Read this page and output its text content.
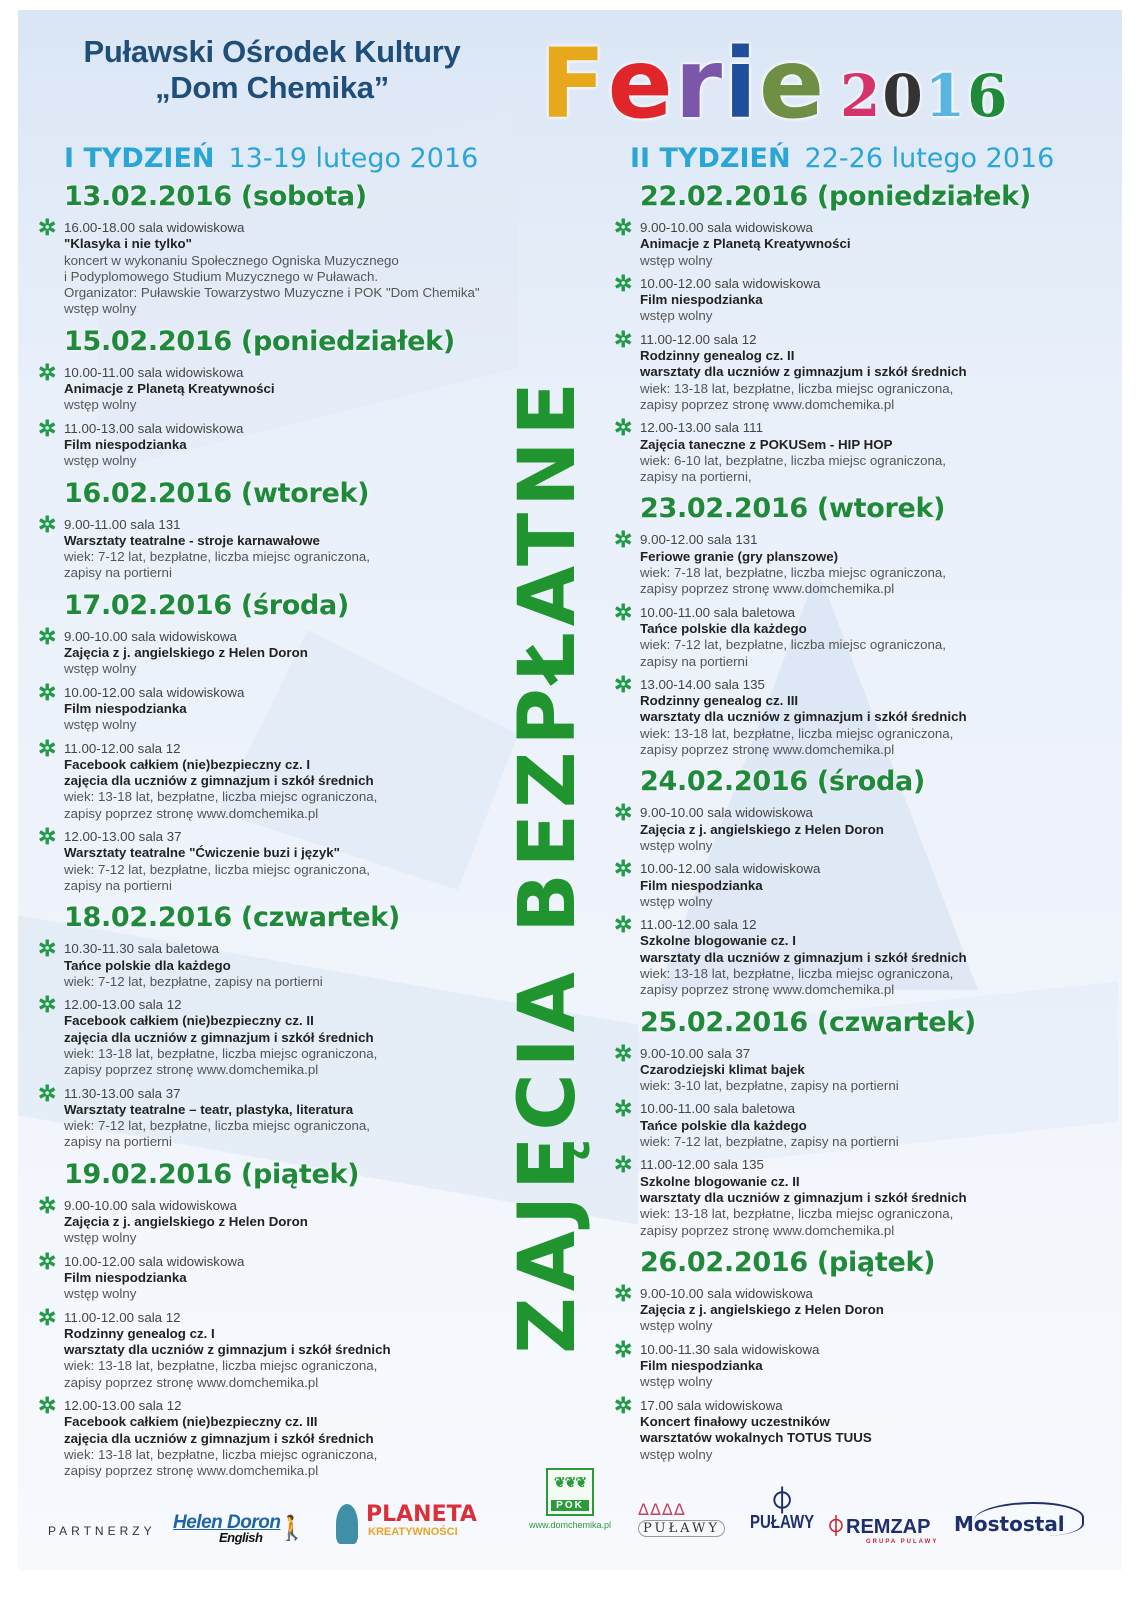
Puławski Ośrodek Kultury
„Dom Chemika”	F e r i e 2016
I TYDZIEŃ 13-19 lutego 2016	II TYDZIEŃ 22-26 lutego 2016
13.02.2016 (sobota)
✲ 16.00-18.00 sala widowiskowa
"Klasyka i nie tylko"
koncert w wykonaniu Społecznego Ogniska Muzycznego
i Podyplomowego Studium Muzycznego w Puławach.
Organizator: Puławskie Towarzystwo Muzyczne i POK "Dom Chemika"
wstęp wolny
15.02.2016 (poniedziałek)
✲ 10.00-11.00 sala widowiskowa
Animacje z Planetą Kreatywności
wstęp wolny
✲ 11.00-13.00 sala widowiskowa
Film niespodzianka
wstęp wolny
16.02.2016 (wtorek)
✲ 9.00-11.00 sala 131
Warsztaty teatralne - stroje karnawałowe
wiek: 7-12 lat, bezpłatne, liczba miejsc ograniczona,
zapisy na portierni
17.02.2016 (środa)
✲ 9.00-10.00 sala widowiskowa
Zajęcia z j. angielskiego z Helen Doron
wstęp wolny
✲ 10.00-12.00 sala widowiskowa
Film niespodzianka
wstęp wolny
✲ 11.00-12.00 sala 12
Facebook całkiem (nie)bezpieczny cz. I
zajęcia dla uczniów z gimnazjum i szkół średnich
wiek: 13-18 lat, bezpłatne, liczba miejsc ograniczona,
zapisy poprzez stronę www.domchemika.pl
✲ 12.00-13.00 sala 37
Warsztaty teatralne "Ćwiczenie buzi i język"
wiek: 7-12 lat, bezpłatne, liczba miejsc ograniczona,
zapisy na portierni
18.02.2016 (czwartek)
✲ 10.30-11.30 sala baletowa
Tańce polskie dla każdego
wiek: 7-12 lat, bezpłatne, zapisy na portierni
✲ 12.00-13.00 sala 12
Facebook całkiem (nie)bezpieczny cz. II
zajęcia dla uczniów z gimnazjum i szkół średnich
wiek: 13-18 lat, bezpłatne, liczba miejsc ograniczona,
zapisy poprzez stronę www.domchemika.pl
✲ 11.30-13.00 sala 37
Warsztaty teatralne – teatr, plastyka, literatura
wiek: 7-12 lat, bezpłatne, liczba miejsc ograniczona,
zapisy na portierni
19.02.2016 (piątek)
✲ 9.00-10.00 sala widowiskowa
Zajęcia z j. angielskiego z Helen Doron
wstęp wolny
✲ 10.00-12.00 sala widowiskowa
Film niespodzianka
wstęp wolny
✲ 11.00-12.00 sala 12
Rodzinny genealog cz. I
warsztaty dla uczniów z gimnazjum i szkół średnich
wiek: 13-18 lat, bezpłatne, liczba miejsc ograniczona,
zapisy poprzez stronę www.domchemika.pl
✲ 12.00-13.00 sala 12
Facebook całkiem (nie)bezpieczny cz. III
zajęcia dla uczniów z gimnazjum i szkół średnich
wiek: 13-18 lat, bezpłatne, liczba miejsc ograniczona,
zapisy poprzez stronę www.domchemika.pl
22.02.2016 (poniedziałek)
✲ 9.00-10.00 sala widowiskowa
Animacje z Planetą Kreatywności
wstęp wolny
✲ 10.00-12.00 sala widowiskowa
Film niespodzianka
wstęp wolny
✲ 11.00-12.00 sala 12
Rodzinny genealog cz. II
warsztaty dla uczniów z gimnazjum i szkół średnich
wiek: 13-18 lat, bezpłatne, liczba miejsc ograniczona,
zapisy poprzez stronę www.domchemika.pl
✲ 12.00-13.00 sala 111
Zajęcia taneczne z POKUSem - HIP HOP
wiek: 6-10 lat, bezpłatne, liczba miejsc ograniczona,
zapisy na portierni,
23.02.2016 (wtorek)
✲ 9.00-12.00 sala 131
Feriowe granie (gry planszowe)
wiek: 7-18 lat, bezpłatne, liczba miejsc ograniczona,
zapisy poprzez stronę www.domchemika.pl
✲ 10.00-11.00 sala baletowa
Tańce polskie dla każdego
wiek: 7-12 lat, bezpłatne, liczba miejsc ograniczona,
zapisy na portierni
✲ 13.00-14.00 sala 135
Rodzinny genealog cz. III
warsztaty dla uczniów z gimnazjum i szkół średnich
wiek: 13-18 lat, bezpłatne, liczba miejsc ograniczona,
zapisy poprzez stronę www.domchemika.pl
24.02.2016 (środa)
✲ 9.00-10.00 sala widowiskowa
Zajęcia z j. angielskiego z Helen Doron
wstęp wolny
✲ 10.00-12.00 sala widowiskowa
Film niespodzianka
wstęp wolny
✲ 11.00-12.00 sala 12
Szkolne blogowanie cz. I
warsztaty dla uczniów z gimnazjum i szkół średnich
wiek: 13-18 lat, bezpłatne, liczba miejsc ograniczona,
zapisy poprzez stronę www.domchemika.pl
25.02.2016 (czwartek)
✲ 9.00-10.00 sala 37
Czarodziejski klimat bajek
wiek: 3-10 lat, bezpłatne, zapisy na portierni
✲ 10.00-11.00 sala baletowa
Tańce polskie dla każdego
wiek: 7-12 lat, bezpłatne, zapisy na portierni
✲ 11.00-12.00 sala 135
Szkolne blogowanie cz. II
warsztaty dla uczniów z gimnazjum i szkół średnich
wiek: 13-18 lat, bezpłatne, liczba miejsc ograniczona,
zapisy poprzez stronę www.domchemika.pl
26.02.2016 (piątek)
✲ 9.00-10.00 sala widowiskowa
Zajęcia z j. angielskiego z Helen Doron
wstęp wolny
✲ 10.00-11.30 sala widowiskowa
Film niespodzianka
wstęp wolny
✲ 17.00 sala widowiskowa
Koncert finałowy uczestników
warsztatów wokalnych TOTUS TUUS
wstęp wolny
ZAJĘCIA BEZPŁATNE
PARTNERZY Helen Doron
English 🚶
PLANETA
KREATYWNOŚCI
❦❦❦
POK
www.domchemika.pl
ᐃᐃᐃᐃ
PUŁAWY
⏀
PUŁAWY ⏀REMZAP
GRUPA PULAWY
Mostostal
